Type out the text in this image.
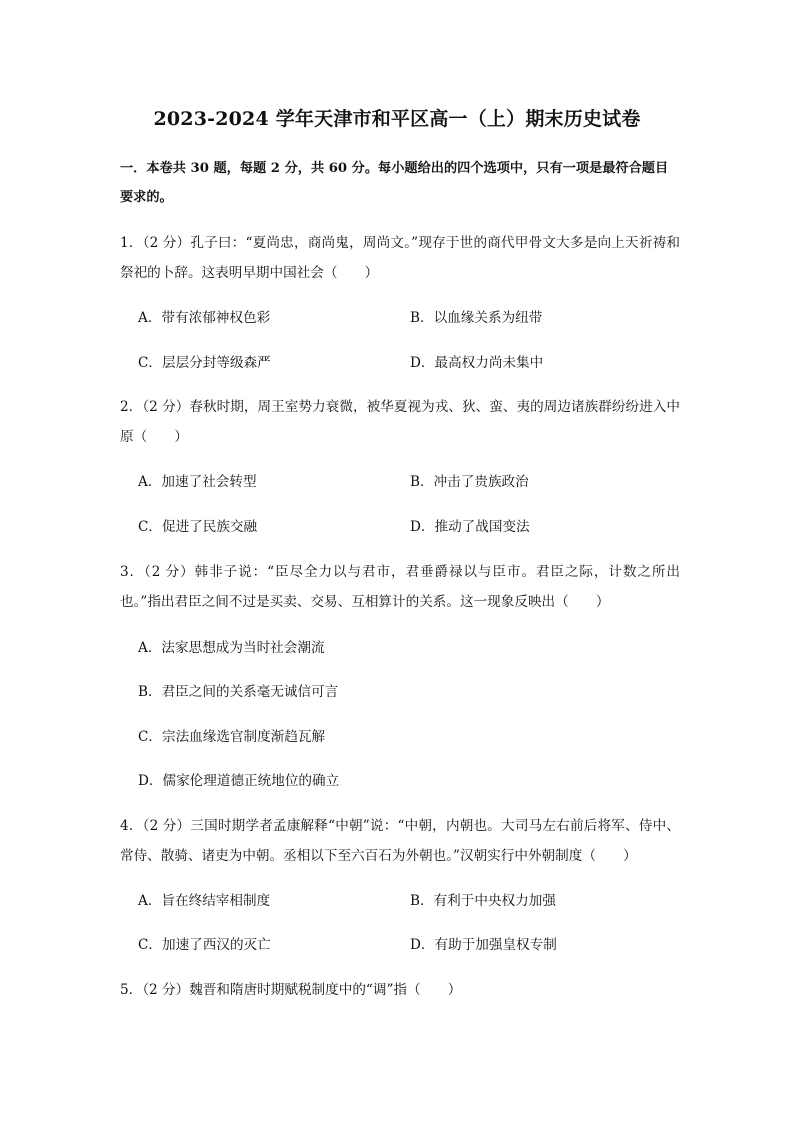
2023-2024 学年天津市和平区高一（上）期末历史试卷
一．本卷共 30 题，每题 2 分，共 60 分。每小题给出的四个选项中，只有一项是最符合题目要求的。
1．（2 分）孔子曰：“夏尚忠，商尚鬼，周尚文。”现存于世的商代甲骨文大多是向上天祈祷和祭祀的卜辞。这表明早期中国社会（　　）
A．带有浓郁神权色彩	B．以血缘关系为纽带
C．层层分封等级森严	D．最高权力尚未集中
2．（2 分）春秋时期，周王室势力衰微，被华夏视为戎、狄、蛮、夷的周边诸族群纷纷进入中原（　　）
A．加速了社会转型	B．冲击了贵族政治
C．促进了民族交融	D．推动了战国变法
3．（2 分）韩非子说：“臣尽全力以与君市，君垂爵禄以与臣市。君臣之际，计数之所出也。”指出君臣之间不过是买卖、交易、互相算计的关系。这一现象反映出（　　）
A．法家思想成为当时社会潮流
B．君臣之间的关系毫无诚信可言
C．宗法血缘选官制度渐趋瓦解
D．儒家伦理道德正统地位的确立
4．（2 分）三国时期学者孟康解释“中朝”说：“中朝，内朝也。大司马左右前后将军、侍中、常侍、散骑、诸吏为中朝。丞相以下至六百石为外朝也。”汉朝实行中外朝制度（　　）
A．旨在终结宰相制度	B．有利于中央权力加强
C．加速了西汉的灭亡	D．有助于加强皇权专制
5．（2 分）魏晋和隋唐时期赋税制度中的“调”指（　　）
